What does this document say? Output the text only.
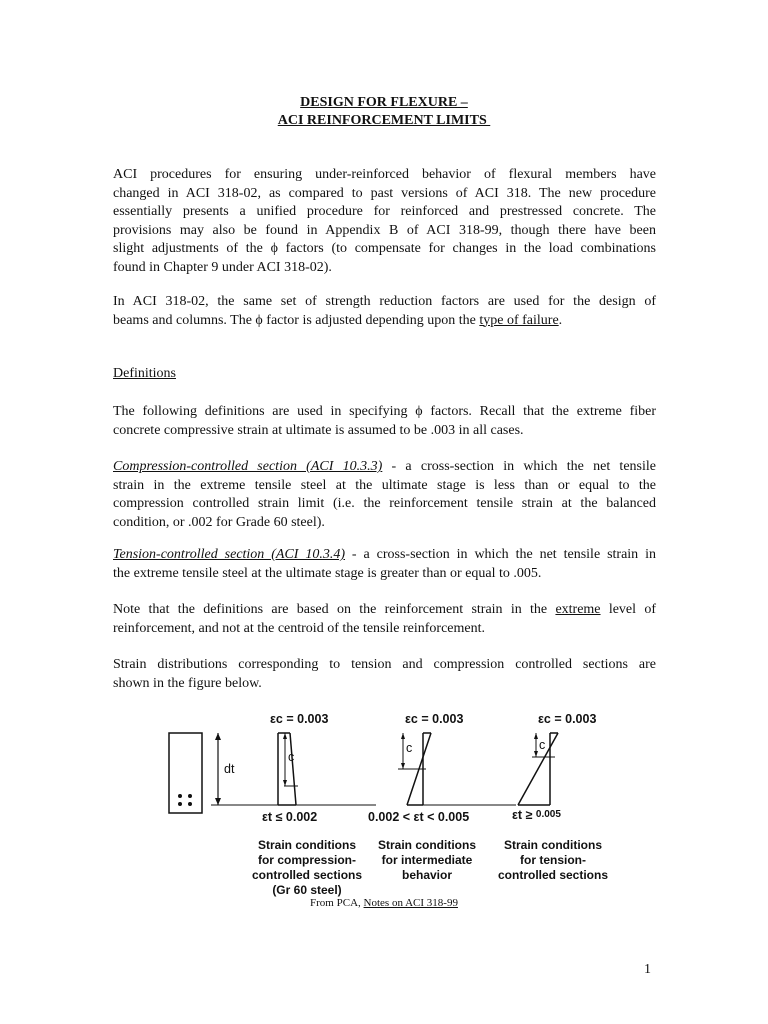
DESIGN FOR FLEXURE –
ACI REINFORCEMENT LIMITS
ACI procedures for ensuring under-reinforced behavior of flexural members have
changed in ACI 318-02, as compared to past versions of ACI 318. The new procedure
essentially presents a unified procedure for reinforced and prestressed concrete. The
provisions may also be found in Appendix B of ACI 318-99, though there have been
slight adjustments of the ϕ factors (to compensate for changes in the load combinations
found in Chapter 9 under ACI 318-02).
In ACI 318-02, the same set of strength reduction factors are used for the design of
beams and columns. The ϕ factor is adjusted depending upon the type of failure.
Definitions
The following definitions are used in specifying ϕ factors. Recall that the extreme fiber
concrete compressive strain at ultimate is assumed to be .003 in all cases.
Compression-controlled section (ACI 10.3.3) - a cross-section in which the net tensile
strain in the extreme tensile steel at the ultimate stage is less than or equal to the
compression controlled strain limit (i.e. the reinforcement tensile strain at the balanced
condition, or .002 for Grade 60 steel).
Tension-controlled section (ACI 10.3.4) - a cross-section in which the net tensile strain in
the extreme tensile steel at the ultimate stage is greater than or equal to .005.
Note that the definitions are based on the reinforcement strain in the extreme level of
reinforcement, and not at the centroid of the tensile reinforcement.
Strain distributions corresponding to tension and compression controlled sections are
shown in the figure below.
εc = 0.003	εc = 0.003	εc = 0.003
c
c	c
dt
εt ≤ 0.002	0.002 < εt < 0.005	εt ≥ 0.005
Strain conditions
for compression-
controlled sections
(Gr 60 steel)
Strain conditions
for intermediate
behavior
Strain conditions
for tension-
controlled sections
From PCA, Notes on ACI 318-99
1
